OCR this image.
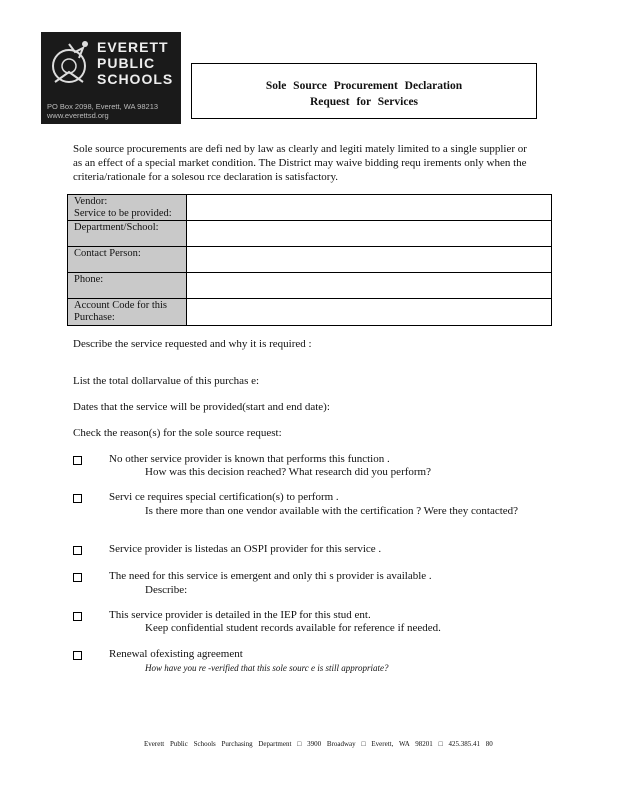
EVERETT
PUBLIC
SCHOOLS
PO Box 2098, Everett, WA 98213
www.everettsd.org
Sole Source Procurement Declaration
Request for Services
Sole source procurements are defi ned by law as clearly and legiti mately limited to a single supplier or as an effect of a special market condition. The District may waive bidding requ irements only when the criteria/rationale for a solesou rce declaration is satisfactory.
Vendor:
Service to be provided:
Department/School:
Contact Person:
Phone:
Account Code for this Purchase:
Describe the service requested and why it is required :
List the total dollarvalue of this purchas e:
Dates that the service will be provided(start and end date):
Check the reason(s) for the sole source request:
No other service provider is known that performs this function .
How was this decision reached? What research did you perform?
Servi ce requires special certification(s) to perform .
Is there more than one vendor available with the certification ? Were they contacted?
Service provider is listedas an OSPI provider for this service .
The need for this service is emergent and only thi s provider is available .
Describe:
This service provider is detailed in the IEP for this stud ent.
Keep confidential student records available for reference if needed.
Renewal ofexisting agreement
How have you re -verified that this sole sourc e is still appropriate?
Everett Public Schools Purchasing Department □ 3900 Broadway □ Everett, WA 98201 □ 425.385.41 80
